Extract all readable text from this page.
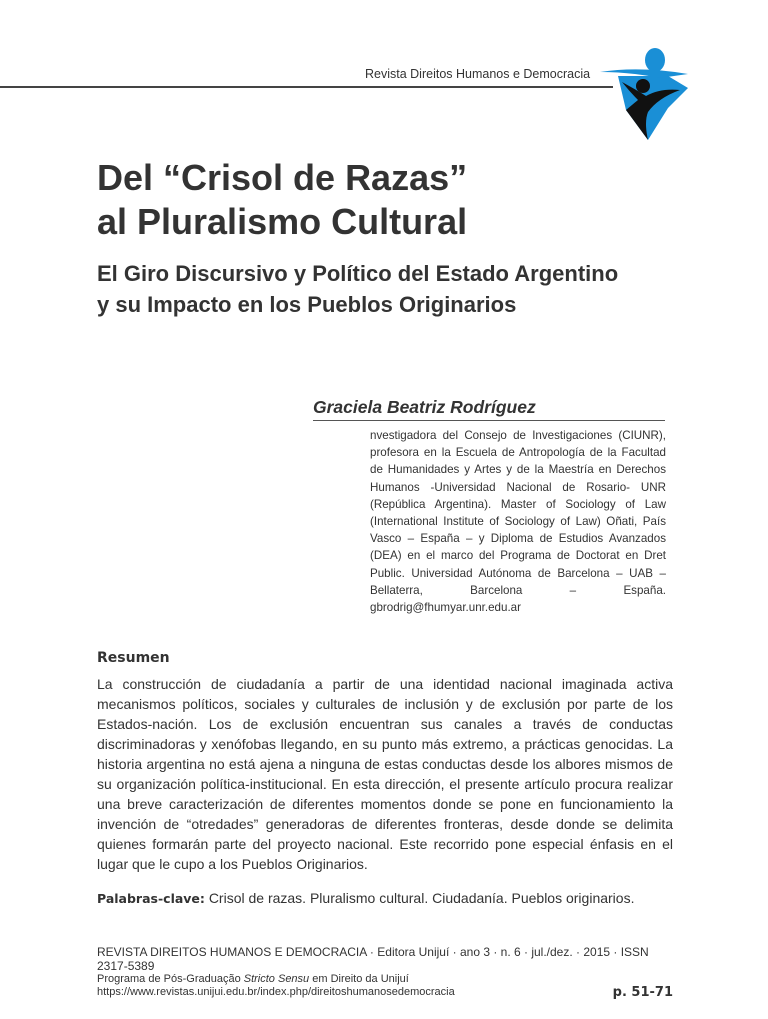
Revista Direitos Humanos e Democracia
Del “Crisol de Razas”
al Pluralismo Cultural
El Giro Discursivo y Político del Estado Argentino
y su Impacto en los Pueblos Originarios
Graciela Beatriz Rodríguez

nvestigadora del Consejo de Investigaciones (CIUNR), profesora en la Escuela de Antropología de la Facultad de Humanidades y Artes y de la Maestría en Derechos Humanos -Universidad Nacional de Rosario- UNR (República Argentina). Master of Sociology of Law (International Institute of Sociology of Law) Oñati, País Vasco – España – y Diploma de Estudios Avanzados (DEA) en el marco del Programa de Doctorat en Dret Public. Universidad Autónoma de Barcelona – UAB – Bellaterra, Barcelona – España. gbrodrig@fhumyar.unr.edu.ar

Resumen

La construcción de ciudadanía a partir de una identidad nacional imaginada activa mecanismos políticos, sociales y culturales de inclusión y de exclusión por parte de los Estados-nación. Los de exclusión encuentran sus canales a través de conductas discriminadoras y xenófobas llegando, en su punto más extremo, a prácticas genocidas. La historia argentina no está ajena a ninguna de estas conductas desde los albores mismos de su organización política-institucional. En esta dirección, el presente artículo procura realizar una breve caracterización de diferentes momentos donde se pone en funcionamiento la invención de “otredades” generadoras de diferentes fronteras, desde donde se delimita quienes formarán parte del proyecto nacional. Este recorrido pone especial énfasis en el lugar que le cupo a los Pueblos Originarios.

Palabras-clave: Crisol de razas. Pluralismo cultural. Ciudadanía. Pueblos originarios.
REVISTA DIREITOS HUMANOS E DEMOCRACIA · Editora Unijuí · ano 3 · n. 6 · jul./dez. · 2015 · ISSN 2317-5389
Programa de Pós-Graduação Stricto Sensu em Direito da Unijuí
https://www.revistas.unijui.edu.br/index.php/direitoshumanosedemocracia	p. 51-71
